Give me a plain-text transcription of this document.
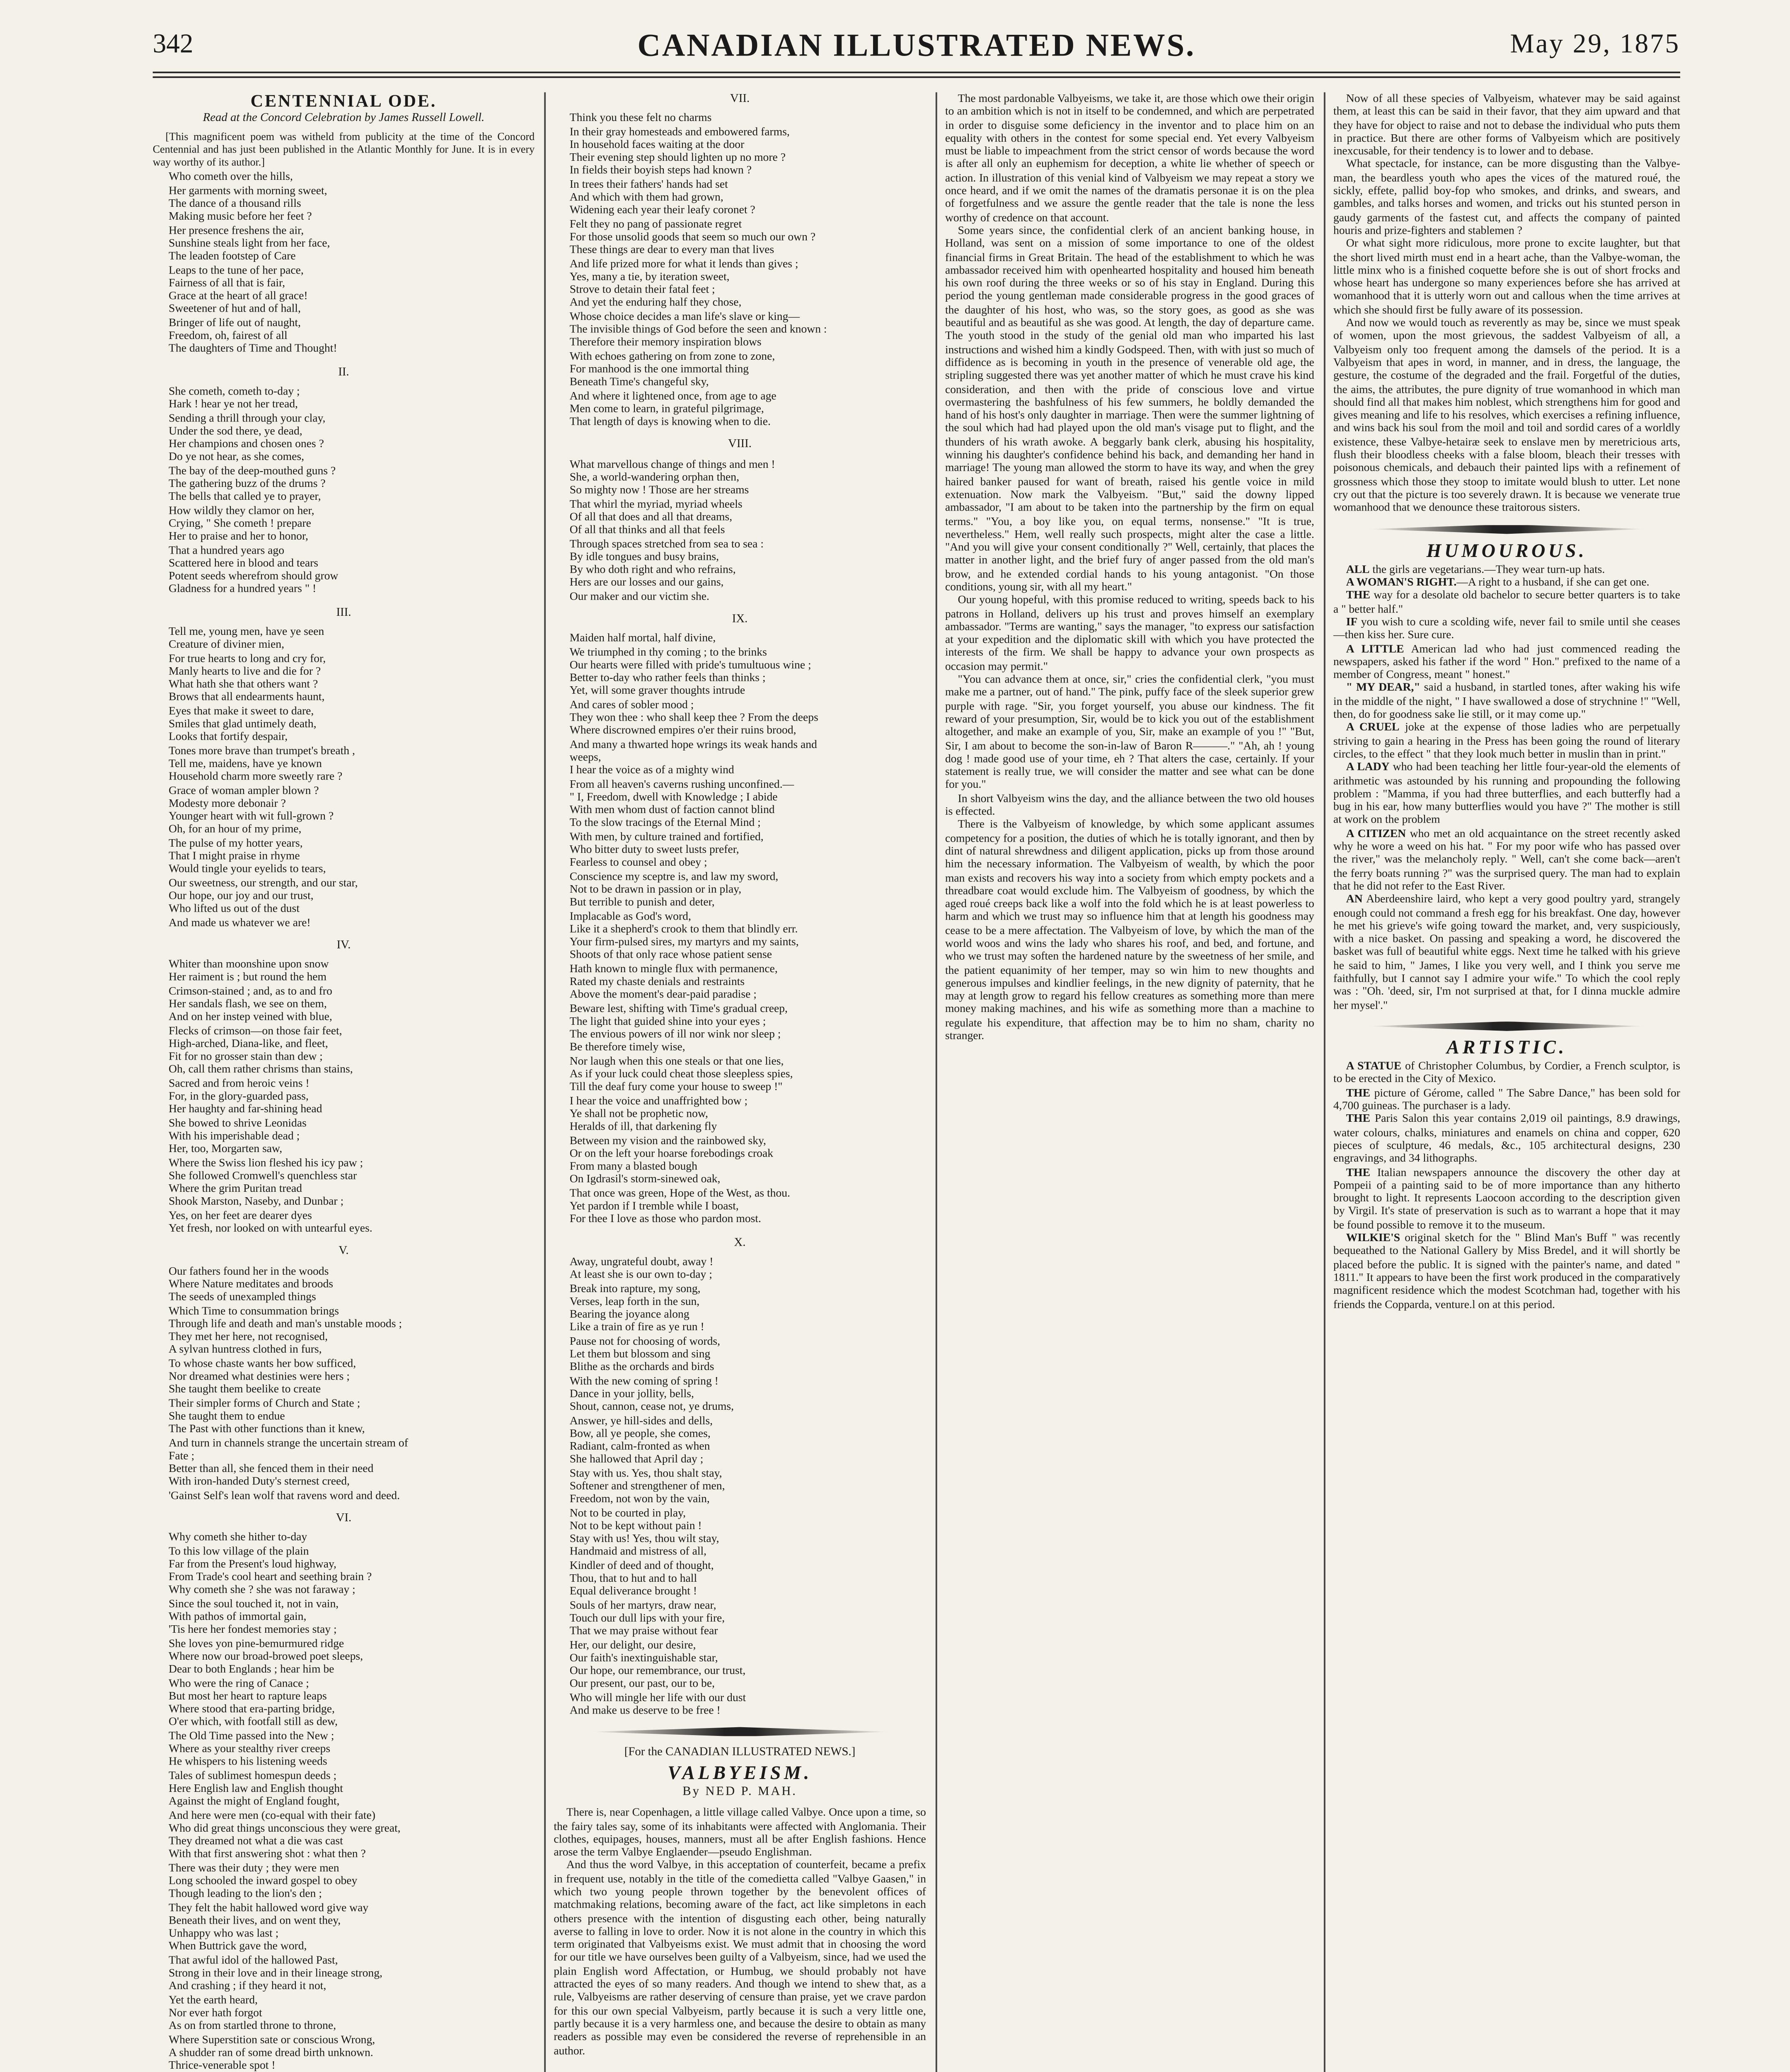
342	CANADIAN ILLUSTRATED NEWS.	May 29, 1875
CENTENNIAL ODE.
Read at the Concord Celebration by James Russell Lowell.

[This magnificent poem was witheld from publicity at the time of the Concord Centennial and has just been published in the Atlantic Monthly for June. It is in every way worthy of its author.]

Who cometh over the hills,
Her garments with morning sweet,
The dance of a thousand rills
Making music before her feet ?
Her presence freshens the air,
Sunshine steals light from her face,
The leaden footstep of Care
Leaps to the tune of her pace,
Fairness of all that is fair,
Grace at the heart of all grace!
Sweetener of hut and of hall,
Bringer of life out of naught,
Freedom, oh, fairest of all
The daughters of Time and Thought!
II.
She cometh, cometh to-day ;
Hark ! hear ye not her tread,
Sending a thrill through your clay,
Under the sod there, ye dead,
Her champions and chosen ones ?
Do ye not hear, as she comes,
The bay of the deep-mouthed guns ?
The gathering buzz of the drums ?
The bells that called ye to prayer,
How wildly they clamor on her,
Crying, " She cometh ! prepare
Her to praise and her to honor,
That a hundred years ago
Scattered here in blood and tears
Potent seeds wherefrom should grow
Gladness for a hundred years " !
III.
Tell me, young men, have ye seen
Creature of diviner mien,
For true hearts to long and cry for,
Manly hearts to live and die for ?
What hath she that others want ?
Brows that all endearments haunt,
Eyes that make it sweet to dare,
Smiles that glad untimely death,
Looks that fortify despair,
Tones more brave than trumpet's breath ,
Tell me, maidens, have ye known
Household charm more sweetly rare ?
Grace of woman ampler blown ?
Modesty more debonair ?
Younger heart with wit full-grown ?
Oh, for an hour of my prime,
The pulse of my hotter years,
That I might praise in rhyme
Would tingle your eyelids to tears,
Our sweetness, our strength, and our star,
Our hope, our joy and our trust,
Who lifted us out of the dust
And made us whatever we are!
IV.
Whiter than moonshine upon snow
Her raiment is ; but round the hem
Crimson-stained ; and, as to and fro
Her sandals flash, we see on them,
And on her instep veined with blue,
Flecks of crimson—on those fair feet,
High-arched, Diana-like, and fleet,
Fit for no grosser stain than dew ;
Oh, call them rather chrisms than stains,
Sacred and from heroic veins !
For, in the glory-guarded pass,
Her haughty and far-shining head
She bowed to shrive Leonidas
With his imperishable dead ;
Her, too, Morgarten saw,
Where the Swiss lion fleshed his icy paw ;
She followed Cromwell's quenchless star
Where the grim Puritan tread
Shook Marston, Naseby, and Dunbar ;
Yes, on her feet are dearer dyes
Yet fresh, nor looked on with untearful eyes.
V.
Our fathers found her in the woods
Where Nature meditates and broods
The seeds of unexampled things
Which Time to consummation brings
Through life and death and man's unstable moods ;
They met her here, not recognised,
A sylvan huntress clothed in furs,
To whose chaste wants her bow sufficed,
Nor dreamed what destinies were hers ;
She taught them beelike to create
Their simpler forms of Church and State ;
She taught them to endue
The Past with other functions than it knew,
And turn in channels strange the uncertain stream of
Fate ;
Better than all, she fenced them in their need
With iron-handed Duty's sternest creed,
'Gainst Self's lean wolf that ravens word and deed.
VI.
Why cometh she hither to-day
To this low village of the plain
Far from the Present's loud highway,
From Trade's cool heart and seething brain ?
Why cometh she ? she was not faraway ;
Since the soul touched it, not in vain,
With pathos of immortal gain,
'Tis here her fondest memories stay ;
She loves yon pine-bemurmured ridge
Where now our broad-browed poet sleeps,
Dear to both Englands ; hear him be
Who were the ring of Canace ;
But most her heart to rapture leaps
Where stood that era-parting bridge,
O'er which, with footfall still as dew,
The Old Time passed into the New ;
Where as your stealthy river creeps
He whispers to his listening weeds
Tales of sublimest homespun deeds ;
Here English law and English thought
Against the might of England fought,
And here were men (co-equal with their fate)
Who did great things unconscious they were great,
They dreamed not what a die was cast
With that first answering shot : what then ?
There was their duty ; they were men
Long schooled the inward gospel to obey
Though leading to the lion's den ;
They felt the habit hallowed word give way
Beneath their lives, and on went they,
Unhappy who was last ;
When Buttrick gave the word,
That awful idol of the hallowed Past,
Strong in their love and in their lineage strong,
And crashing ; if they heard it not,
Yet the earth heard,
Nor ever hath forgot
As on from startled throne to throne,
Where Superstition sate or conscious Wrong,
A shudder ran of some dread birth unknown.
Thrice-venerable spot !
VII.
Think you these felt no charms
In their gray homesteads and embowered farms,
In household faces waiting at the door
Their evening step should lighten up no more ?
In fields their boyish steps had known ?
In trees their fathers' hands had set
And which with them had grown,
Widening each year their leafy coronet ?
Felt they no pang of passionate regret
For those unsolid goods that seem so much our own ?
These things are dear to every man that lives
And life prized more for what it lends than gives ;
Yes, many a tie, by iteration sweet,
Strove to detain their fatal feet ;
And yet the enduring half they chose,
Whose choice decides a man life's slave or king—
The invisible things of God before the seen and known :
Therefore their memory inspiration blows
With echoes gathering on from zone to zone,
For manhood is the one immortal thing
Beneath Time's changeful sky,
And where it lightened once, from age to age
Men come to learn, in grateful pilgrimage,
That length of days is knowing when to die.
VIII.
What marvellous change of things and men !
She, a world-wandering orphan then,
So mighty now ! Those are her streams
That whirl the myriad, myriad wheels
Of all that does and all that dreams,
Of all that thinks and all that feels
Through spaces stretched from sea to sea :
By idle tongues and busy brains,
By who doth right and who refrains,
Hers are our losses and our gains,
Our maker and our victim she.
IX.
Maiden half mortal, half divine,
We triumphed in thy coming ; to the brinks
Our hearts were filled with pride's tumultuous wine ;
Better to-day who rather feels than thinks ;
Yet, will some graver thoughts intrude
And cares of sobler mood ;
They won thee : who shall keep thee ? From the deeps
Where discrowned empires o'er their ruins brood,
And many a thwarted hope wrings its weak hands and
weeps,
I hear the voice as of a mighty wind
From all heaven's caverns rushing unconfined.—
" I, Freedom, dwell with Knowledge ; I abide
With men whom dust of faction cannot blind
To the slow tracings of the Eternal Mind ;
With men, by culture trained and fortified,
Who bitter duty to sweet lusts prefer,
Fearless to counsel and obey ;
Conscience my sceptre is, and law my sword,
Not to be drawn in passion or in play,
But terrible to punish and deter,
Implacable as God's word,
Like it a shepherd's crook to them that blindly err.
Your firm-pulsed sires, my martyrs and my saints,
Shoots of that only race whose patient sense
Hath known to mingle flux with permanence,
Rated my chaste denials and restraints
Above the moment's dear-paid paradise ;
Beware lest, shifting with Time's gradual creep,
The light that guided shine into your eyes ;
The envious powers of ill nor wink nor sleep ;
Be therefore timely wise,
Nor laugh when this one steals or that one lies,
As if your luck could cheat those sleepless spies,
Till the deaf fury come your house to sweep !"
I hear the voice and unaffrighted bow ;
Ye shall not be prophetic now,
Heralds of ill, that darkening fly
Between my vision and the rainbowed sky,
Or on the left your hoarse forebodings croak
From many a blasted bough
On Igdrasil's storm-sinewed oak,
That once was green, Hope of the West, as thou.
Yet pardon if I tremble while I boast,
For thee I love as those who pardon most.
X.
Away, ungrateful doubt, away !
At least she is our own to-day ;
Break into rapture, my song,
Verses, leap forth in the sun,
Bearing the joyance along
Like a train of fire as ye run !
Pause not for choosing of words,
Let them but blossom and sing
Blithe as the orchards and birds
With the new coming of spring !
Dance in your jollity, bells,
Shout, cannon, cease not, ye drums,
Answer, ye hill-sides and dells,
Bow, all ye people, she comes,
Radiant, calm-fronted as when
She hallowed that April day ;
Stay with us. Yes, thou shalt stay,
Softener and strengthener of men,
Freedom, not won by the vain,
Not to be courted in play,
Not to be kept without pain !
Stay with us! Yes, thou wilt stay,
Handmaid and mistress of all,
Kindler of deed and of thought,
Thou, that to hut and to hall
Equal deliverance brought !
Souls of her martyrs, draw near,
Touch our dull lips with your fire,
That we may praise without fear
Her, our delight, our desire,
Our faith's inextinguishable star,
Our hope, our remembrance, our trust,
Our present, our past, our to be,
Who will mingle her life with our dust
And make us deserve to be free !
[For the CANADIAN ILLUSTRATED NEWS.]
VALBYEISM.
By NED P. MAH.

There is, near Copenhagen, a little village called Valbye. Once upon a time, so the fairy tales say, some of its inhabitants were affected with Anglomania. Their clothes, equipages, houses, manners, must all be after English fashions. Hence arose the term Valbye Englaender—pseudo Englishman.

And thus the word Valbye, in this acceptation of counterfeit, became a prefix in frequent use, notably in the title of the comedietta called "Valbye Gaasen," in which two young people thrown together by the benevolent offices of matchmaking relations, becoming aware of the fact, act like simpletons in each others presence with the intention of disgusting each other, being naturally averse to falling in love to order. Now it is not alone in the country in which this term originated that Valbyeisms exist. We must admit that in choosing the word for our title we have ourselves been guilty of a Valbyeism, since, had we used the plain English word Affectation, or Humbug, we should probably not have attracted the eyes of so many readers. And though we intend to shew that, as a rule, Valbyeisms are rather deserving of censure than praise, yet we crave pardon for this our own special Valbyeism, partly because it is such a very little one, partly because it is a very harmless one, and because the desire to obtain as many readers as possible may even be considered the reverse of reprehensible in an author.

The most pardonable Valbyeisms, we take it, are those which owe their origin to an ambition which is not in itself to be condemned, and which are perpetrated in order to disguise some deficiency in the inventor and to place him on an equality with others in the contest for some special end. Yet every Valbyeism must be liable to impeachment from the strict censor of words because the word is after all only an euphemism for deception, a white lie whether of speech or action. In illustration of this venial kind of Valbyeism we may repeat a story we once heard, and if we omit the names of the dramatis personae it is on the plea of forgetfulness and we assure the gentle reader that the tale is none the less worthy of credence on that account.

Some years since, the confidential clerk of an ancient banking house, in Holland, was sent on a mission of some importance to one of the oldest financial firms in Great Britain. The head of the establishment to which he was ambassador received him with openhearted hospitality and housed him beneath his own roof during the three weeks or so of his stay in England. During this period the young gentleman made considerable progress in the good graces of the daughter of his host, who was, so the story goes, as good as she was beautiful and as beautiful as she was good. At length, the day of departure came. The youth stood in the study of the genial old man who imparted his last instructions and wished him a kindly Godspeed. Then, with with just so much of diffidence as is becoming in youth in the presence of venerable old age, the stripling suggested there was yet another matter of which he must crave his kind consideration, and then with the pride of conscious love and virtue overmastering the bashfulness of his few summers, he boldly demanded the hand of his host's only daughter in marriage. Then were the summer lightning of the soul which had had played upon the old man's visage put to flight, and the thunders of his wrath awoke. A beggarly bank clerk, abusing his hospitality, winning his daughter's confidence behind his back, and demanding her hand in marriage! The young man allowed the storm to have its way, and when the grey haired banker paused for want of breath, raised his gentle voice in mild extenuation. Now mark the Valbyeism. "But," said the downy lipped ambassador, "I am about to be taken into the partnership by the firm on equal terms." "You, a boy like you, on equal terms, nonsense." "It is true, nevertheless." Hem, well really such prospects, might alter the case a little. "And you will give your consent conditionally ?" Well, certainly, that places the matter in another light, and the brief fury of anger passed from the old man's brow, and he extended cordial hands to his young antagonist. "On those conditions, young sir, with all my heart."

Our young hopeful, with this promise reduced to writing, speeds back to his patrons in Holland, delivers up his trust and proves himself an exemplary ambassador. "Terms are wanting," says the manager, "to express our satisfaction at your expedition and the diplomatic skill with which you have protected the interests of the firm. We shall be happy to advance your own prospects as occasion may permit."

"You can advance them at once, sir," cries the confidential clerk, "you must make me a partner, out of hand." The pink, puffy face of the sleek superior grew purple with rage. "Sir, you forget yourself, you abuse our kindness. The fit reward of your presumption, Sir, would be to kick you out of the establishment altogether, and make an example of you, Sir, make an example of you !" "But, Sir, I am about to become the son-in-law of Baron R———." "Ah, ah ! young dog ! made good use of your time, eh ? That alters the case, certainly. If your statement is really true, we will consider the matter and see what can be done for you."

In short Valbyeism wins the day, and the alliance between the two old houses is effected.

There is the Valbyeism of knowledge, by which some applicant assumes competency for a position, the duties of which he is totally ignorant, and then by dint of natural shrewdness and diligent application, picks up from those around him the necessary information. The Valbyeism of wealth, by which the poor man exists and recovers his way into a society from which empty pockets and a threadbare coat would exclude him. The Valbyeism of goodness, by which the aged roué creeps back like a wolf into the fold which he is at least powerless to harm and which we trust may so influence him that at length his goodness may cease to be a mere affectation. The Valbyeism of love, by which the man of the world woos and wins the lady who shares his roof, and bed, and fortune, and who we trust may soften the hardened nature by the sweetness of her smile, and the patient equanimity of her temper, may so win him to new thoughts and generous impulses and kindlier feelings, in the new dignity of paternity, that he may at length grow to regard his fellow creatures as something more than mere money making machines, and his wife as something more than a machine to regulate his expenditure, that affection may be to him no sham, charity no stranger.

Now of all these species of Valbyeism, whatever may be said against them, at least this can be said in their favor, that they aim upward and that they have for object to raise and not to debase the individual who puts them in practice. But there are other forms of Valbyeism which are positively inexcusable, for their tendency is to lower and to debase.

What spectacle, for instance, can be more disgusting than the Valbye-man, the beardless youth who apes the vices of the matured roué, the sickly, effete, pallid boy-fop who smokes, and drinks, and swears, and gambles, and talks horses and women, and tricks out his stunted person in gaudy garments of the fastest cut, and affects the company of painted houris and prize-fighters and stablemen ?

Or what sight more ridiculous, more prone to excite laughter, but that the short lived mirth must end in a heart ache, than the Valbye-woman, the little minx who is a finished coquette before she is out of short frocks and whose heart has undergone so many experiences before she has arrived at womanhood that it is utterly worn out and callous when the time arrives at which she should first be fully aware of its possession.

And now we would touch as reverently as may be, since we must speak of women, upon the most grievous, the saddest Valbyeism of all, a Valbyeism only too frequent among the damsels of the period. It is a Valbyeism that apes in word, in manner, and in dress, the language, the gesture, the costume of the degraded and the frail. Forgetful of the duties, the aims, the attributes, the pure dignity of true womanhood in which man should find all that makes him noblest, which strengthens him for good and gives meaning and life to his resolves, which exercises a refining influence, and wins back his soul from the moil and toil and sordid cares of a worldly existence, these Valbye-hetairæ seek to enslave men by meretricious arts, flush their bloodless cheeks with a false bloom, bleach their tresses with poisonous chemicals, and debauch their painted lips with a refinement of grossness which those they stoop to imitate would blush to utter. Let none cry out that the picture is too severely drawn. It is because we venerate true womanhood that we denounce these traitorous sisters.

HUMOUROUS.

ALL the girls are vegetarians.—They wear turn-up hats.

A WOMAN'S RIGHT.—A right to a husband, if she can get one.

THE way for a desolate old bachelor to secure better quarters is to take a " better half."

IF you wish to cure a scolding wife, never fail to smile until she ceases—then kiss her. Sure cure.

A LITTLE American lad who had just commenced reading the newspapers, asked his father if the word " Hon." prefixed to the name of a member of Congress, meant " honest."

" MY DEAR," said a husband, in startled tones, after waking his wife in the middle of the night, " I have swallowed a dose of strychnine !" "Well, then, do for goodness sake lie still, or it may come up."

A CRUEL joke at the expense of those ladies who are perpetually striving to gain a hearing in the Press has been going the round of literary circles, to the effect " that they look much better in muslin than in print."

A LADY who had been teaching her little four-year-old the elements of arithmetic was astounded by his running and propounding the following problem : "Mamma, if you had three butterflies, and each butterfly had a bug in his ear, how many butterflies would you have ?" The mother is still at work on the problem

A CITIZEN who met an old acquaintance on the street recently asked why he wore a weed on his hat. " For my poor wife who has passed over the river," was the melancholy reply. " Well, can't she come back—aren't the ferry boats running ?" was the surprised query. The man had to explain that he did not refer to the East River.

AN Aberdeenshire laird, who kept a very good poultry yard, strangely enough could not command a fresh egg for his breakfast. One day, however he met his grieve's wife going toward the market, and, very suspiciously, with a nice basket. On passing and speaking a word, he discovered the basket was full of beautiful white eggs. Next time he talked with his grieve he said to him, " James, I like you very well, and I think you serve me faithfully, but I cannot say I admire your wife." To which the cool reply was : "Oh. 'deed, sir, I'm not surprised at that, for I dinna muckle admire her mysel'."

ARTISTIC.

A STATUE of Christopher Columbus, by Cordier, a French sculptor, is to be erected in the City of Mexico.

THE picture of Gérome, called " The Sabre Dance," has been sold for 4,700 guineas. The purchaser is a lady.

THE Paris Salon this year contains 2,019 oil paintings, 8.9 drawings, water colours, chalks, miniatures and enamels on china and copper, 620 pieces of sculpture, 46 medals, &c., 105 architectural designs, 230 engravings, and 34 lithographs.

THE Italian newspapers announce the discovery the other day at Pompeii of a painting said to be of more importance than any hitherto brought to light. It represents Laocoon according to the description given by Virgil. It's state of preservation is such as to warrant a hope that it may be found possible to remove it to the museum.

WILKIE'S original sketch for the " Blind Man's Buff " was recently bequeathed to the National Gallery by Miss Bredel, and it will shortly be placed before the public. It is signed with the painter's name, and dated " 1811." It appears to have been the first work produced in the comparatively magnificent residence which the modest Scotchman had, together with his friends the Copparda, venture.l on at this period.
